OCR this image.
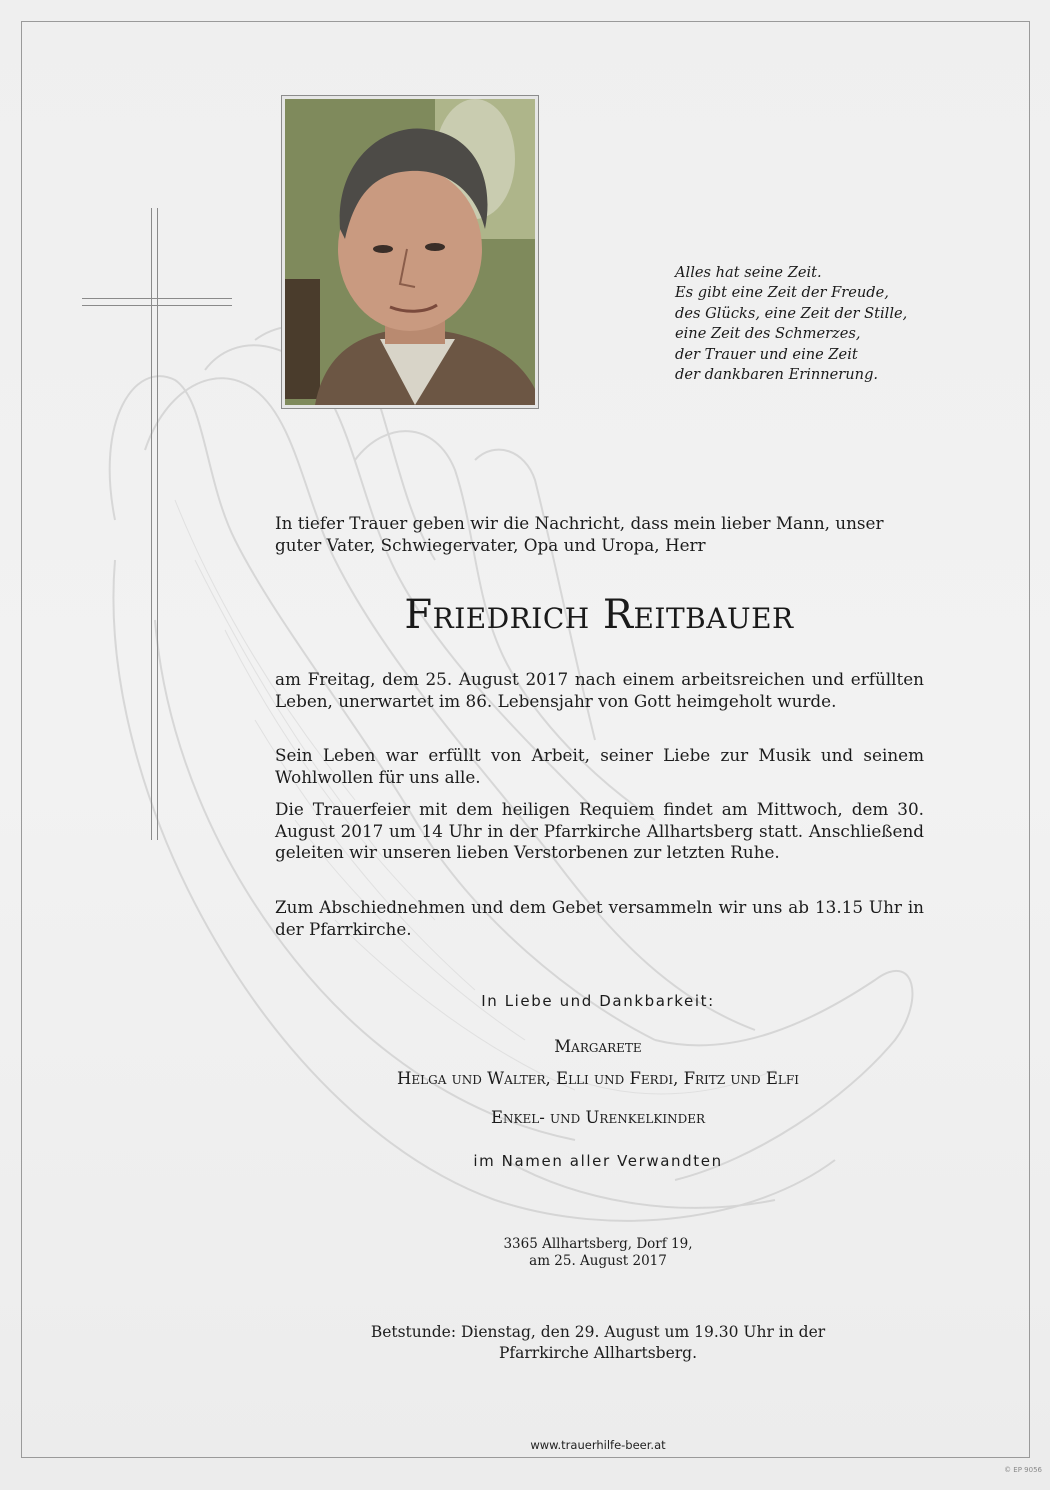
Alles hat seine Zeit.
Es gibt eine Zeit der Freude,
des Glücks, eine Zeit der Stille,
eine Zeit des Schmerzes,
der Trauer und eine Zeit
der dankbaren Erinnerung.
In tiefer Trauer geben wir die Nachricht, dass mein lieber Mann, unser guter Vater, Schwiegervater, Opa und Uropa, Herr
Friedrich Reitbauer
am Freitag, dem 25. August 2017 nach einem arbeitsreichen und erfüllten Leben, unerwartet im 86. Lebensjahr von Gott heimgeholt wurde.
Sein Leben war erfüllt von Arbeit, seiner Liebe zur Musik und seinem Wohlwollen für uns alle.
Die Trauerfeier mit dem heiligen Requiem findet am Mittwoch, dem 30. August 2017 um 14 Uhr in der Pfarrkirche Allhartsberg statt. Anschließend geleiten wir unseren lieben Verstorbenen zur letzten Ruhe.
Zum Abschiednehmen und dem Gebet versammeln wir uns ab 13.15 Uhr in der Pfarrkirche.
In Liebe und Dankbarkeit:
Margarete
Helga und Walter, Elli und Ferdi, Fritz und Elfi
Enkel- und Urenkelkinder
im Namen aller Verwandten
3365 Allhartsberg, Dorf 19,
am 25. August 2017
Betstunde: Dienstag, den 29. August um 19.30 Uhr in der
Pfarrkirche Allhartsberg.
www.trauerhilfe-beer.at
© EP 9056
